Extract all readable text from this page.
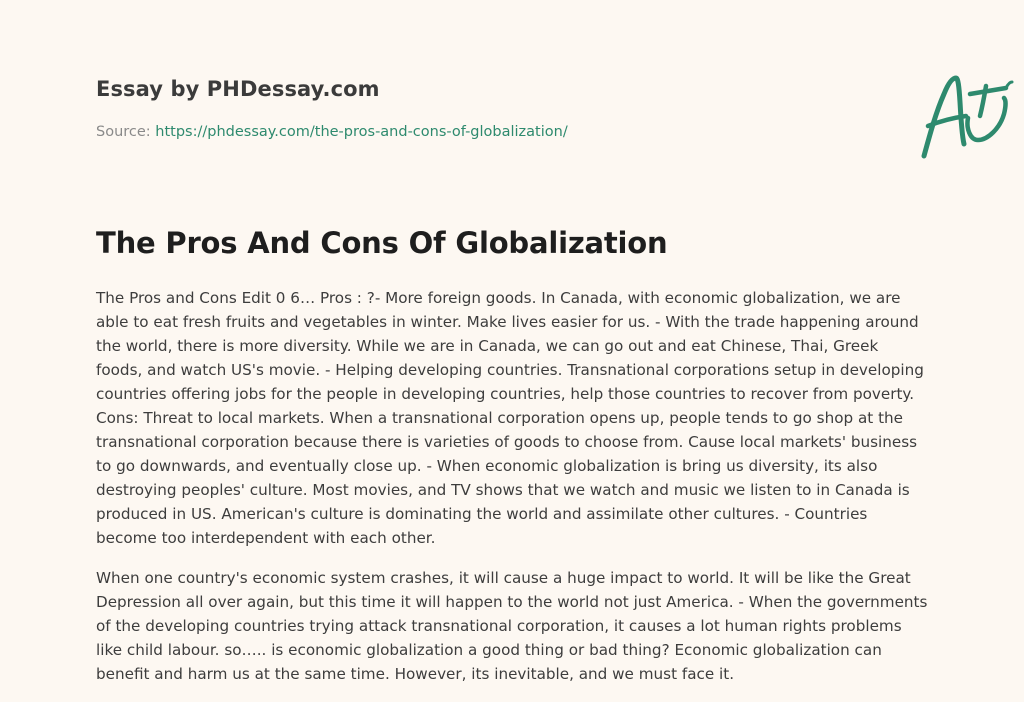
Essay by PHDessay.com

Source: https://phdessay.com/the-pros-and-cons-of-globalization/

The Pros And Cons Of Globalization

The Pros and Cons Edit 0 6… Pros : ?- More foreign goods. In Canada, with economic globalization, we are able to eat fresh fruits and vegetables in winter. Make lives easier for us. - With the trade happening around the world, there is more diversity. While we are in Canada, we can go out and eat Chinese, Thai, Greek foods, and watch US's movie. - Helping developing countries. Transnational corporations setup in developing countries offering jobs for the people in developing countries, help those countries to recover from poverty. Cons: Threat to local markets. When a transnational corporation opens up, people tends to go shop at the transnational corporation because there is varieties of goods to choose from. Cause local markets' business to go downwards, and eventually close up. - When economic globalization is bring us diversity, its also destroying peoples' culture. Most movies, and TV shows that we watch and music we listen to in Canada is produced in US. American's culture is dominating the world and assimilate other cultures. - Countries become too interdependent with each other.

When one country's economic system crashes, it will cause a huge impact to world. It will be like the Great Depression all over again, but this time it will happen to the world not just America. - When the governments of the developing countries trying attack transnational corporation, it causes a lot human rights problems like child labour. so….. is economic globalization a good thing or bad thing? Economic globalization can benefit and harm us at the same time. However, its inevitable, and we must face it.
